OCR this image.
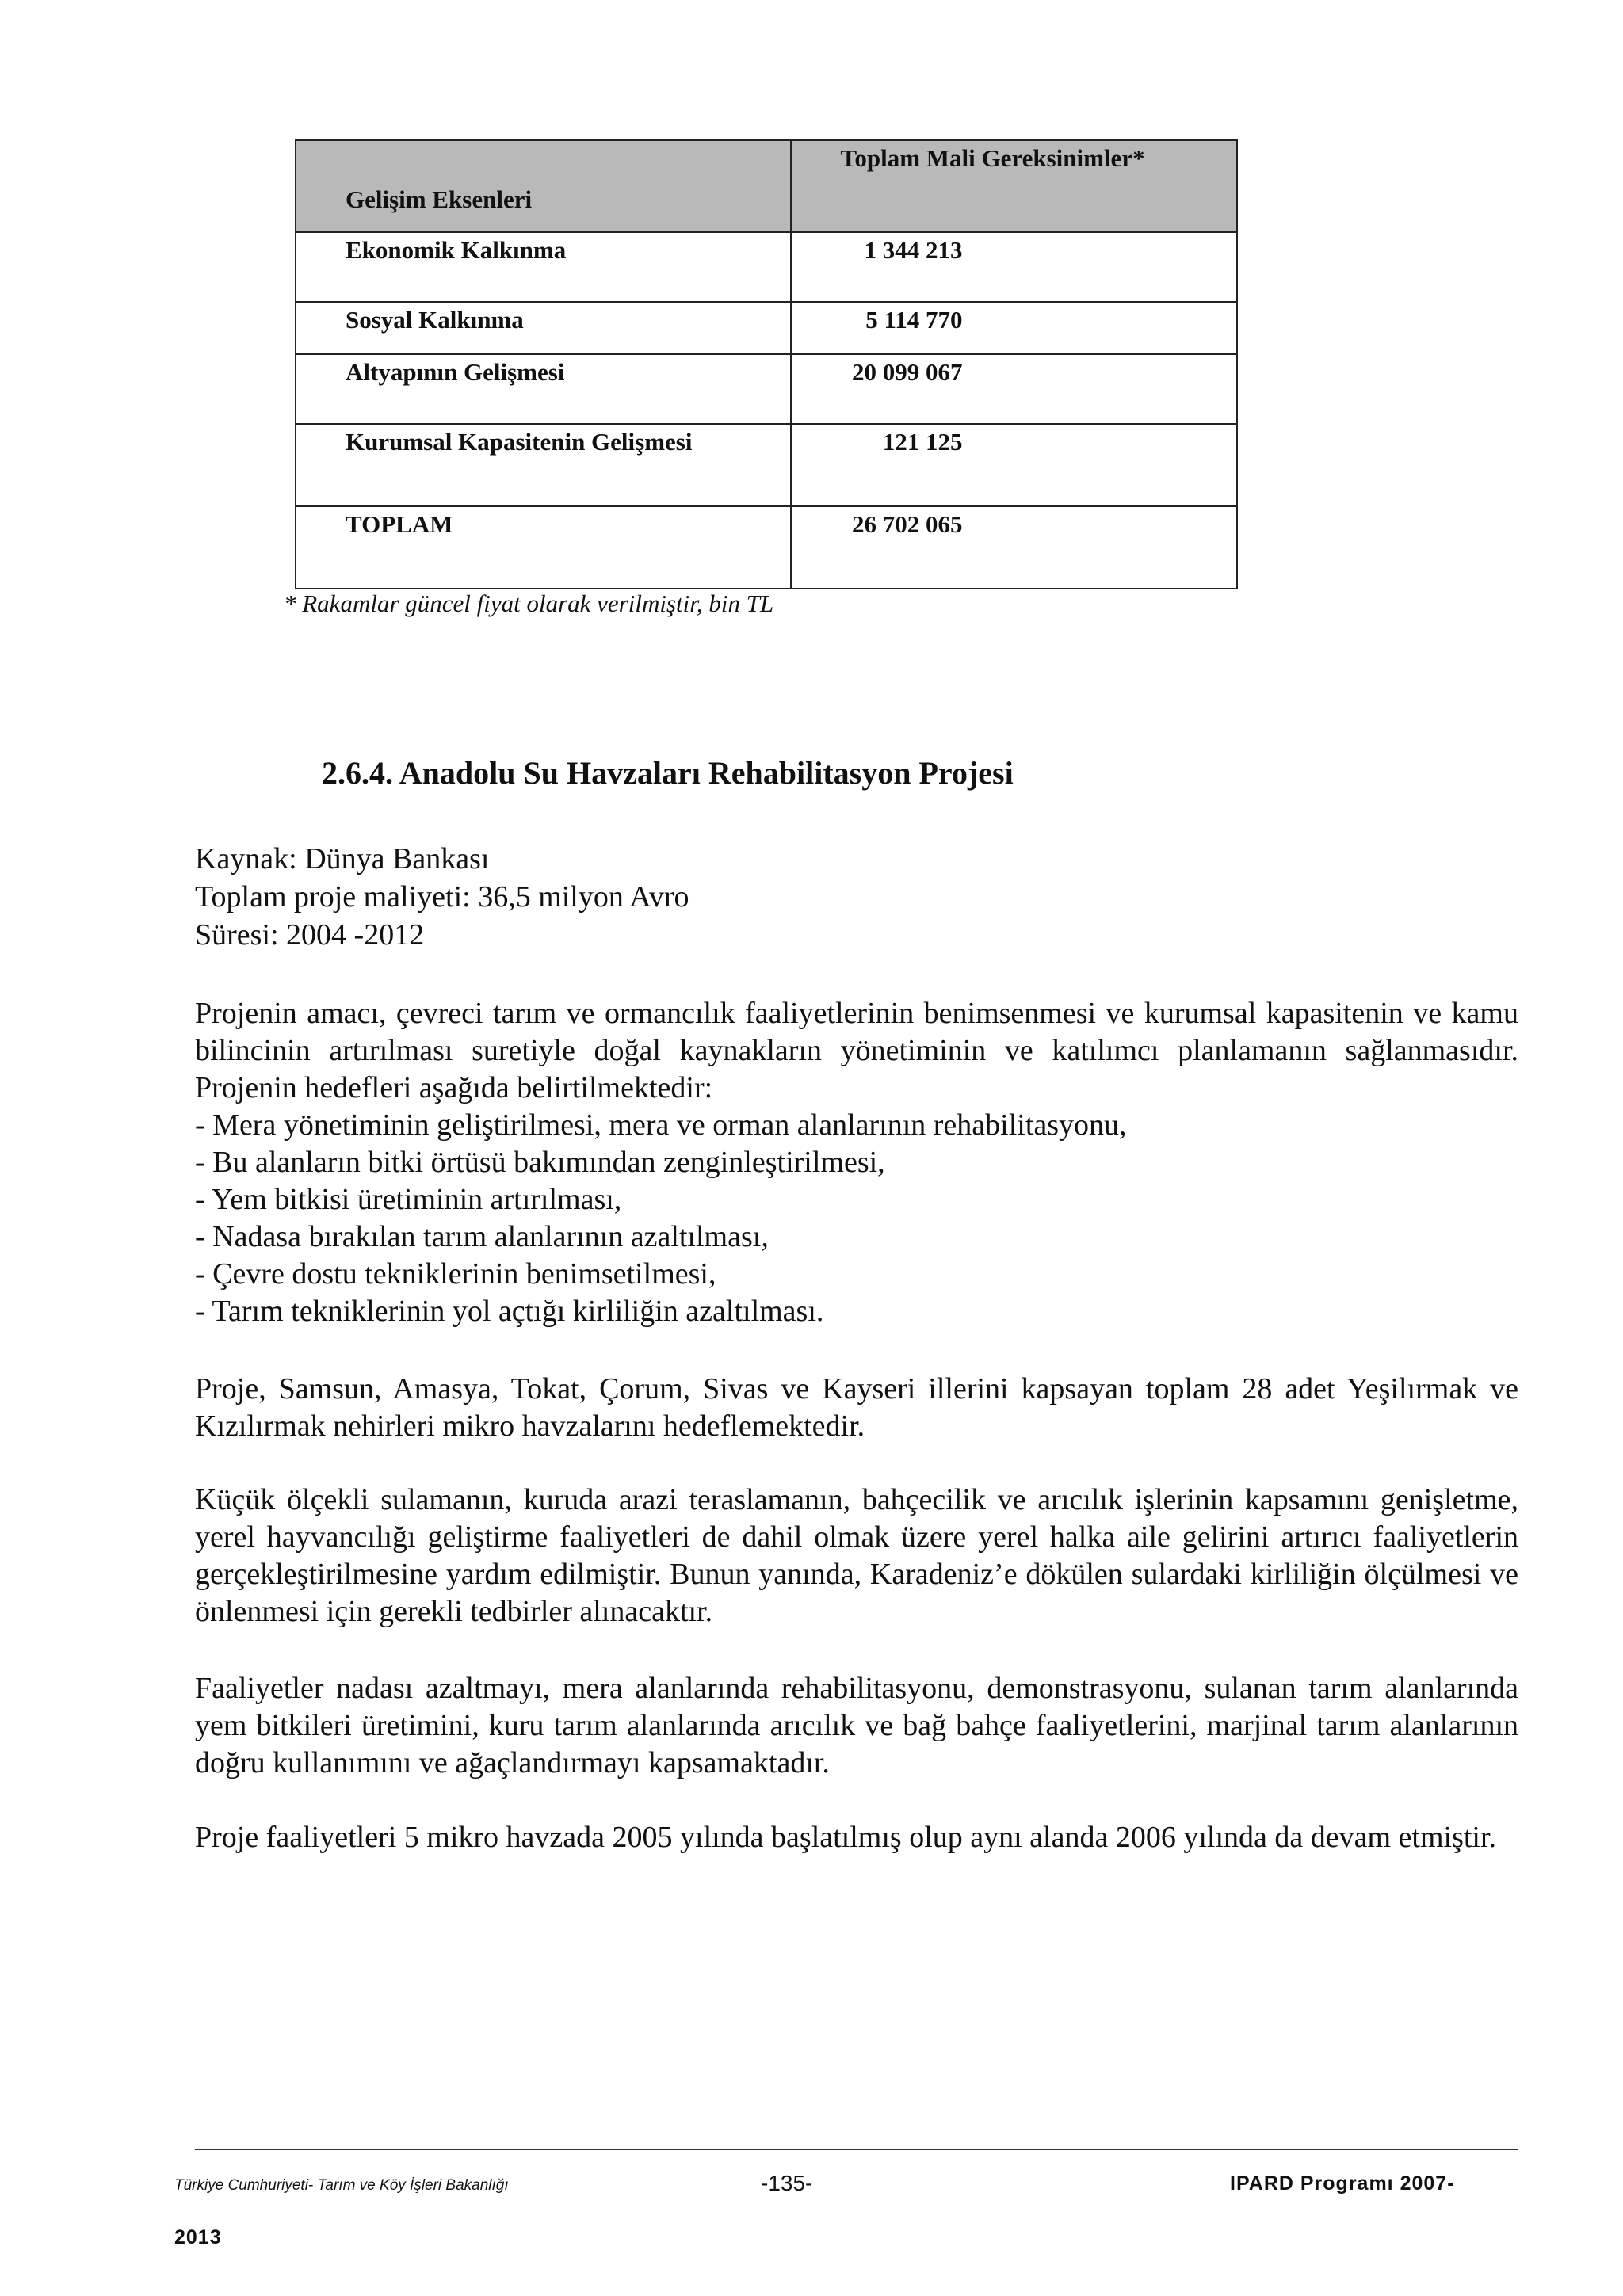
Gelişim Eksenleri	Toplam Mali Gereksinimler*

Ekonomik Kalkınma	1 344 213

Sosyal Kalkınma	5 114 770

Altyapının Gelişmesi	20 099 067

Kurumsal Kapasitenin Gelişmesi	121 125

TOPLAM	26 702 065
* Rakamlar güncel fiyat olarak verilmiştir, bin TL
2.6.4. Anadolu Su Havzaları Rehabilitasyon Projesi
Kaynak: Dünya Bankası
Toplam proje maliyeti: 36,5 milyon Avro
Süresi: 2004 -2012

Projenin amacı, çevreci tarım ve ormancılık faaliyetlerinin benimsenmesi ve kurumsal kapasitenin ve kamu bilincinin artırılması suretiyle doğal kaynakların yönetiminin ve katılımcı planlamanın sağlanmasıdır. Projenin hedefleri aşağıda belirtilmektedir:

- Mera yönetiminin geliştirilmesi, mera ve orman alanlarının rehabilitasyonu,
- Bu alanların bitki örtüsü bakımından zenginleştirilmesi,
- Yem bitkisi üretiminin artırılması,
- Nadasa bırakılan tarım alanlarının azaltılması,
- Çevre dostu tekniklerinin benimsetilmesi,
- Tarım tekniklerinin yol açtığı kirliliğin azaltılması.

Proje, Samsun, Amasya, Tokat, Çorum, Sivas ve Kayseri illerini kapsayan toplam 28 adet Yeşilırmak ve Kızılırmak nehirleri mikro havzalarını hedeflemektedir.

Küçük ölçekli sulamanın, kuruda arazi teraslamanın, bahçecilik ve arıcılık işlerinin kapsamını genişletme, yerel hayvancılığı geliştirme faaliyetleri de dahil olmak üzere yerel halka aile gelirini artırıcı faaliyetlerin gerçekleştirilmesine yardım edilmiştir. Bunun yanında, Karadeniz’e dökülen sulardaki kirliliğin ölçülmesi ve önlenmesi için gerekli tedbirler alınacaktır.

Faaliyetler nadası azaltmayı, mera alanlarında rehabilitasyonu, demonstrasyonu, sulanan tarım alanlarında yem bitkileri üretimini, kuru tarım alanlarında arıcılık ve bağ bahçe faaliyetlerini, marjinal tarım alanlarının doğru kullanımını ve ağaçlandırmayı kapsamaktadır.

Proje faaliyetleri 5 mikro havzada 2005 yılında başlatılmış olup aynı alanda 2006 yılında da devam etmiştir.

Türkiye Cumhuriyeti- Tarım ve Köy İşleri Bakanlığı	-135-	IPARD Programı 2007-
2013
